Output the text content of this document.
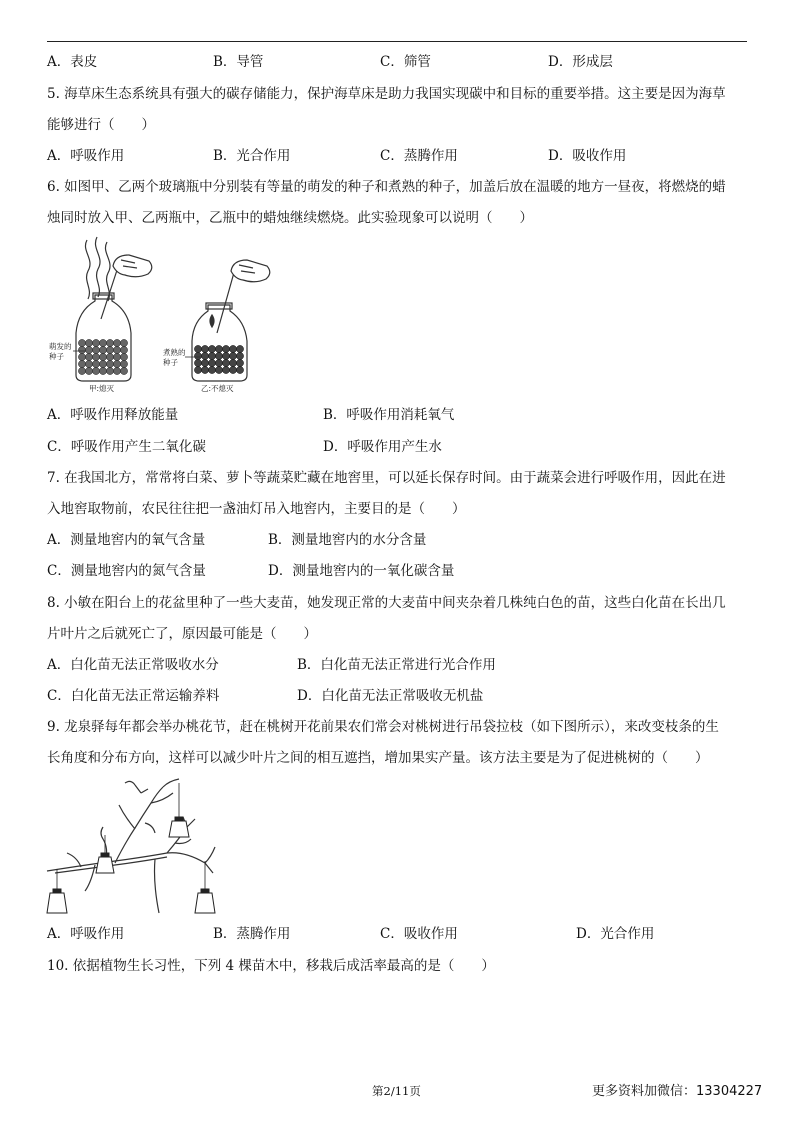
A．表皮	B．导管	C．筛管	D．形成层
5. 海草床生态系统具有强大的碳存储能力，保护海草床是助力我国实现碳中和目标的重要举措。这主要是因为海草
能够进行（　　）
A．呼吸作用	B．光合作用	C．蒸腾作用	D．吸收作用
6. 如图甲、乙两个玻璃瓶中分别装有等量的萌发的种子和煮熟的种子，加盖后放在温暖的地方一昼夜，将燃烧的蜡
烛同时放入甲、乙两瓶中，乙瓶中的蜡烛继续燃烧。此实验现象可以说明（　　）
萌发的
种子
甲:熄灭
煮熟的
种子
乙:不熄灭
A．呼吸作用释放能量	B．呼吸作用消耗氧气
C．呼吸作用产生二氧化碳	D．呼吸作用产生水
7. 在我国北方，常常将白菜、萝卜等蔬菜贮藏在地窖里，可以延长保存时间。由于蔬菜会进行呼吸作用，因此在进
入地窖取物前，农民往往把一盏油灯吊入地窖内，主要目的是（　　）
A．测量地窖内的氧气含量	B．测量地窖内的水分含量
C．测量地窖内的氮气含量	D．测量地窖内的一氧化碳含量
8. 小敏在阳台上的花盆里种了一些大麦苗，她发现正常的大麦苗中间夹杂着几株纯白色的苗，这些白化苗在长出几
片叶片之后就死亡了，原因最可能是（　　）
A．白化苗无法正常吸收水分	B．白化苗无法正常进行光合作用
C．白化苗无法正常运输养料	D．白化苗无法正常吸收无机盐
9. 龙泉驿每年都会举办桃花节，赶在桃树开花前果农们常会对桃树进行吊袋拉枝（如下图所示），来改变枝条的生
长角度和分布方向，这样可以减少叶片之间的相互遮挡，增加果实产量。该方法主要是为了促进桃树的（　　）
A．呼吸作用	B．蒸腾作用	C．吸收作用	D．光合作用
10. 依据植物生长习性，下列 4 棵苗木中，移栽后成活率最高的是（　　）
第2/11页	更多资料加微信：13304227
